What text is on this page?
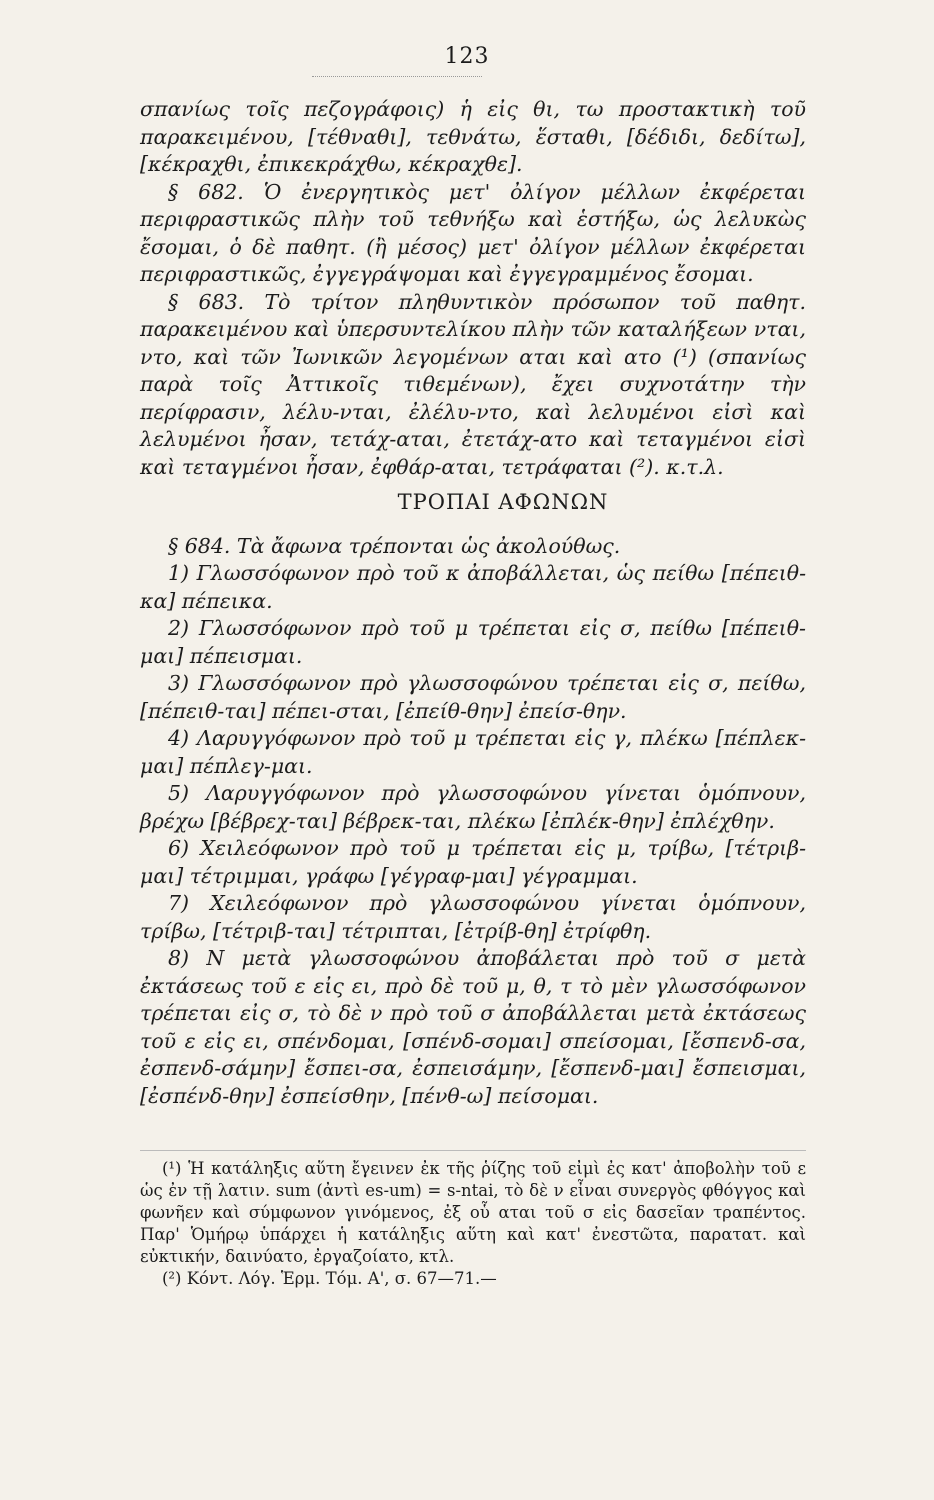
123

σπανίως τοῖς πεζογράφοις) ἡ εἰς θι, τω προστακτικὴ τοῦ παρακειμένου, [τέθναθι], τεθνάτω, ἕσταθι, [δέδιδι, δεδίτω], [κέκραχθι, ἐπικεκράχθω, κέκραχθε].

§ 682. Ὁ ἐνεργητικὸς μετ' ὀλίγον μέλλων ἐκφέρεται περιφραστικῶς πλὴν τοῦ τεθνήξω καὶ ἑστήξω, ὡς λελυκὼς ἔσομαι, ὁ δὲ παθητ. (ἢ μέσος) μετ' ὀλίγον μέλλων ἐκφέρεται περιφραστικῶς, ἐγγεγράψομαι καὶ ἐγγεγραμμένος ἔσομαι.

§ 683. Τὸ τρίτον πληθυντικὸν πρόσωπον τοῦ παθητ. παρακειμένου καὶ ὑπερσυντελίκου πλὴν τῶν καταλήξεων νται, ντο, καὶ τῶν Ἰωνικῶν λεγομένων αται καὶ ατο (¹) (σπανίως παρὰ τοῖς Ἀττικοῖς τιθεμένων), ἔχει συχνοτάτην τὴν περίφρασιν, λέλυ-νται, ἐλέλυ-ντο, καὶ λελυμένοι εἰσὶ καὶ λελυμένοι ἦσαν, τετάχ-αται, ἐτετάχ-ατο καὶ τεταγμένοι εἰσὶ καὶ τεταγμένοι ἦσαν, ἐφθάρ-αται, τετράφαται (²). κ.τ.λ.

ΤΡΟΠΑΙ ΑΦΩΝΩΝ

§ 684. Τὰ ἄφωνα τρέπονται ὡς ἀκολούθως.

1) Γλωσσόφωνον πρὸ τοῦ κ ἀποβάλλεται, ὡς πείθω [πέπειθ-κα] πέπεικα.

2) Γλωσσόφωνον πρὸ τοῦ μ τρέπεται εἰς σ, πείθω [πέπειθ-μαι] πέπεισμαι.

3) Γλωσσόφωνον πρὸ γλωσσοφώνου τρέπεται εἰς σ, πείθω, [πέπειθ-ται] πέπει-σται, [ἐπείθ-θην] ἐπείσ-θην.

4) Λαρυγγόφωνον πρὸ τοῦ μ τρέπεται εἰς γ, πλέκω [πέπλεκ-μαι] πέπλεγ-μαι.

5) Λαρυγγόφωνον πρὸ γλωσσοφώνου γίνεται ὁμόπνουν, βρέχω [βέβρεχ-ται] βέβρεκ-ται, πλέκω [ἐπλέκ-θην] ἐπλέχθην.

6) Χειλεόφωνον πρὸ τοῦ μ τρέπεται εἰς μ, τρίβω, [τέτριβ-μαι] τέτριμμαι, γράφω [γέγραφ-μαι] γέγραμμαι.

7) Χειλεόφωνον πρὸ γλωσσοφώνου γίνεται ὁμόπνουν, τρίβω, [τέτριβ-ται] τέτριπται, [ἐτρίβ-θη] ἐτρίφθη.

8) Ν μετὰ γλωσσοφώνου ἀποβάλεται πρὸ τοῦ σ μετὰ ἐκτάσεως τοῦ ε εἰς ει, πρὸ δὲ τοῦ μ, θ, τ τὸ μὲν γλωσσόφωνον τρέπεται εἰς σ, τὸ δὲ ν πρὸ τοῦ σ ἀποβάλλεται μετὰ ἐκτάσεως τοῦ ε εἰς ει, σπένδομαι, [σπένδ-σομαι] σπείσομαι, [ἔσπενδ-σα, ἐσπενδ-σάμην] ἔσπει-σα, ἐσπεισάμην, [ἔσπενδ-μαι] ἔσπεισμαι, [ἐσπένδ-θην] ἐσπείσθην, [πένθ-ω] πείσομαι.

(¹) Ἡ κατάληξις αὕτη ἔγεινεν ἐκ τῆς ῥίζης τοῦ εἰμὶ ἐς κατ' ἀποβολὴν τοῦ ε ὡς ἐν τῇ λατιν. sum (ἀντὶ es-um) = s-ntai, τὸ δὲ ν εἶναι συνεργὸς φθόγγος καὶ φωνῆεν καὶ σύμφωνον γινόμενος, ἐξ οὗ αται τοῦ σ εἰς δασεῖαν τραπέντος. Παρ' Ὁμήρῳ ὑπάρχει ἡ κατάληξις αὕτη καὶ κατ' ἐνεστῶτα, παρατατ. καὶ εὐκτικήν, δαινύατο, ἐργαζοίατο, κτλ.

(²) Κόντ. Λόγ. Ἑρμ. Τόμ. Α', σ. 67—71.—
